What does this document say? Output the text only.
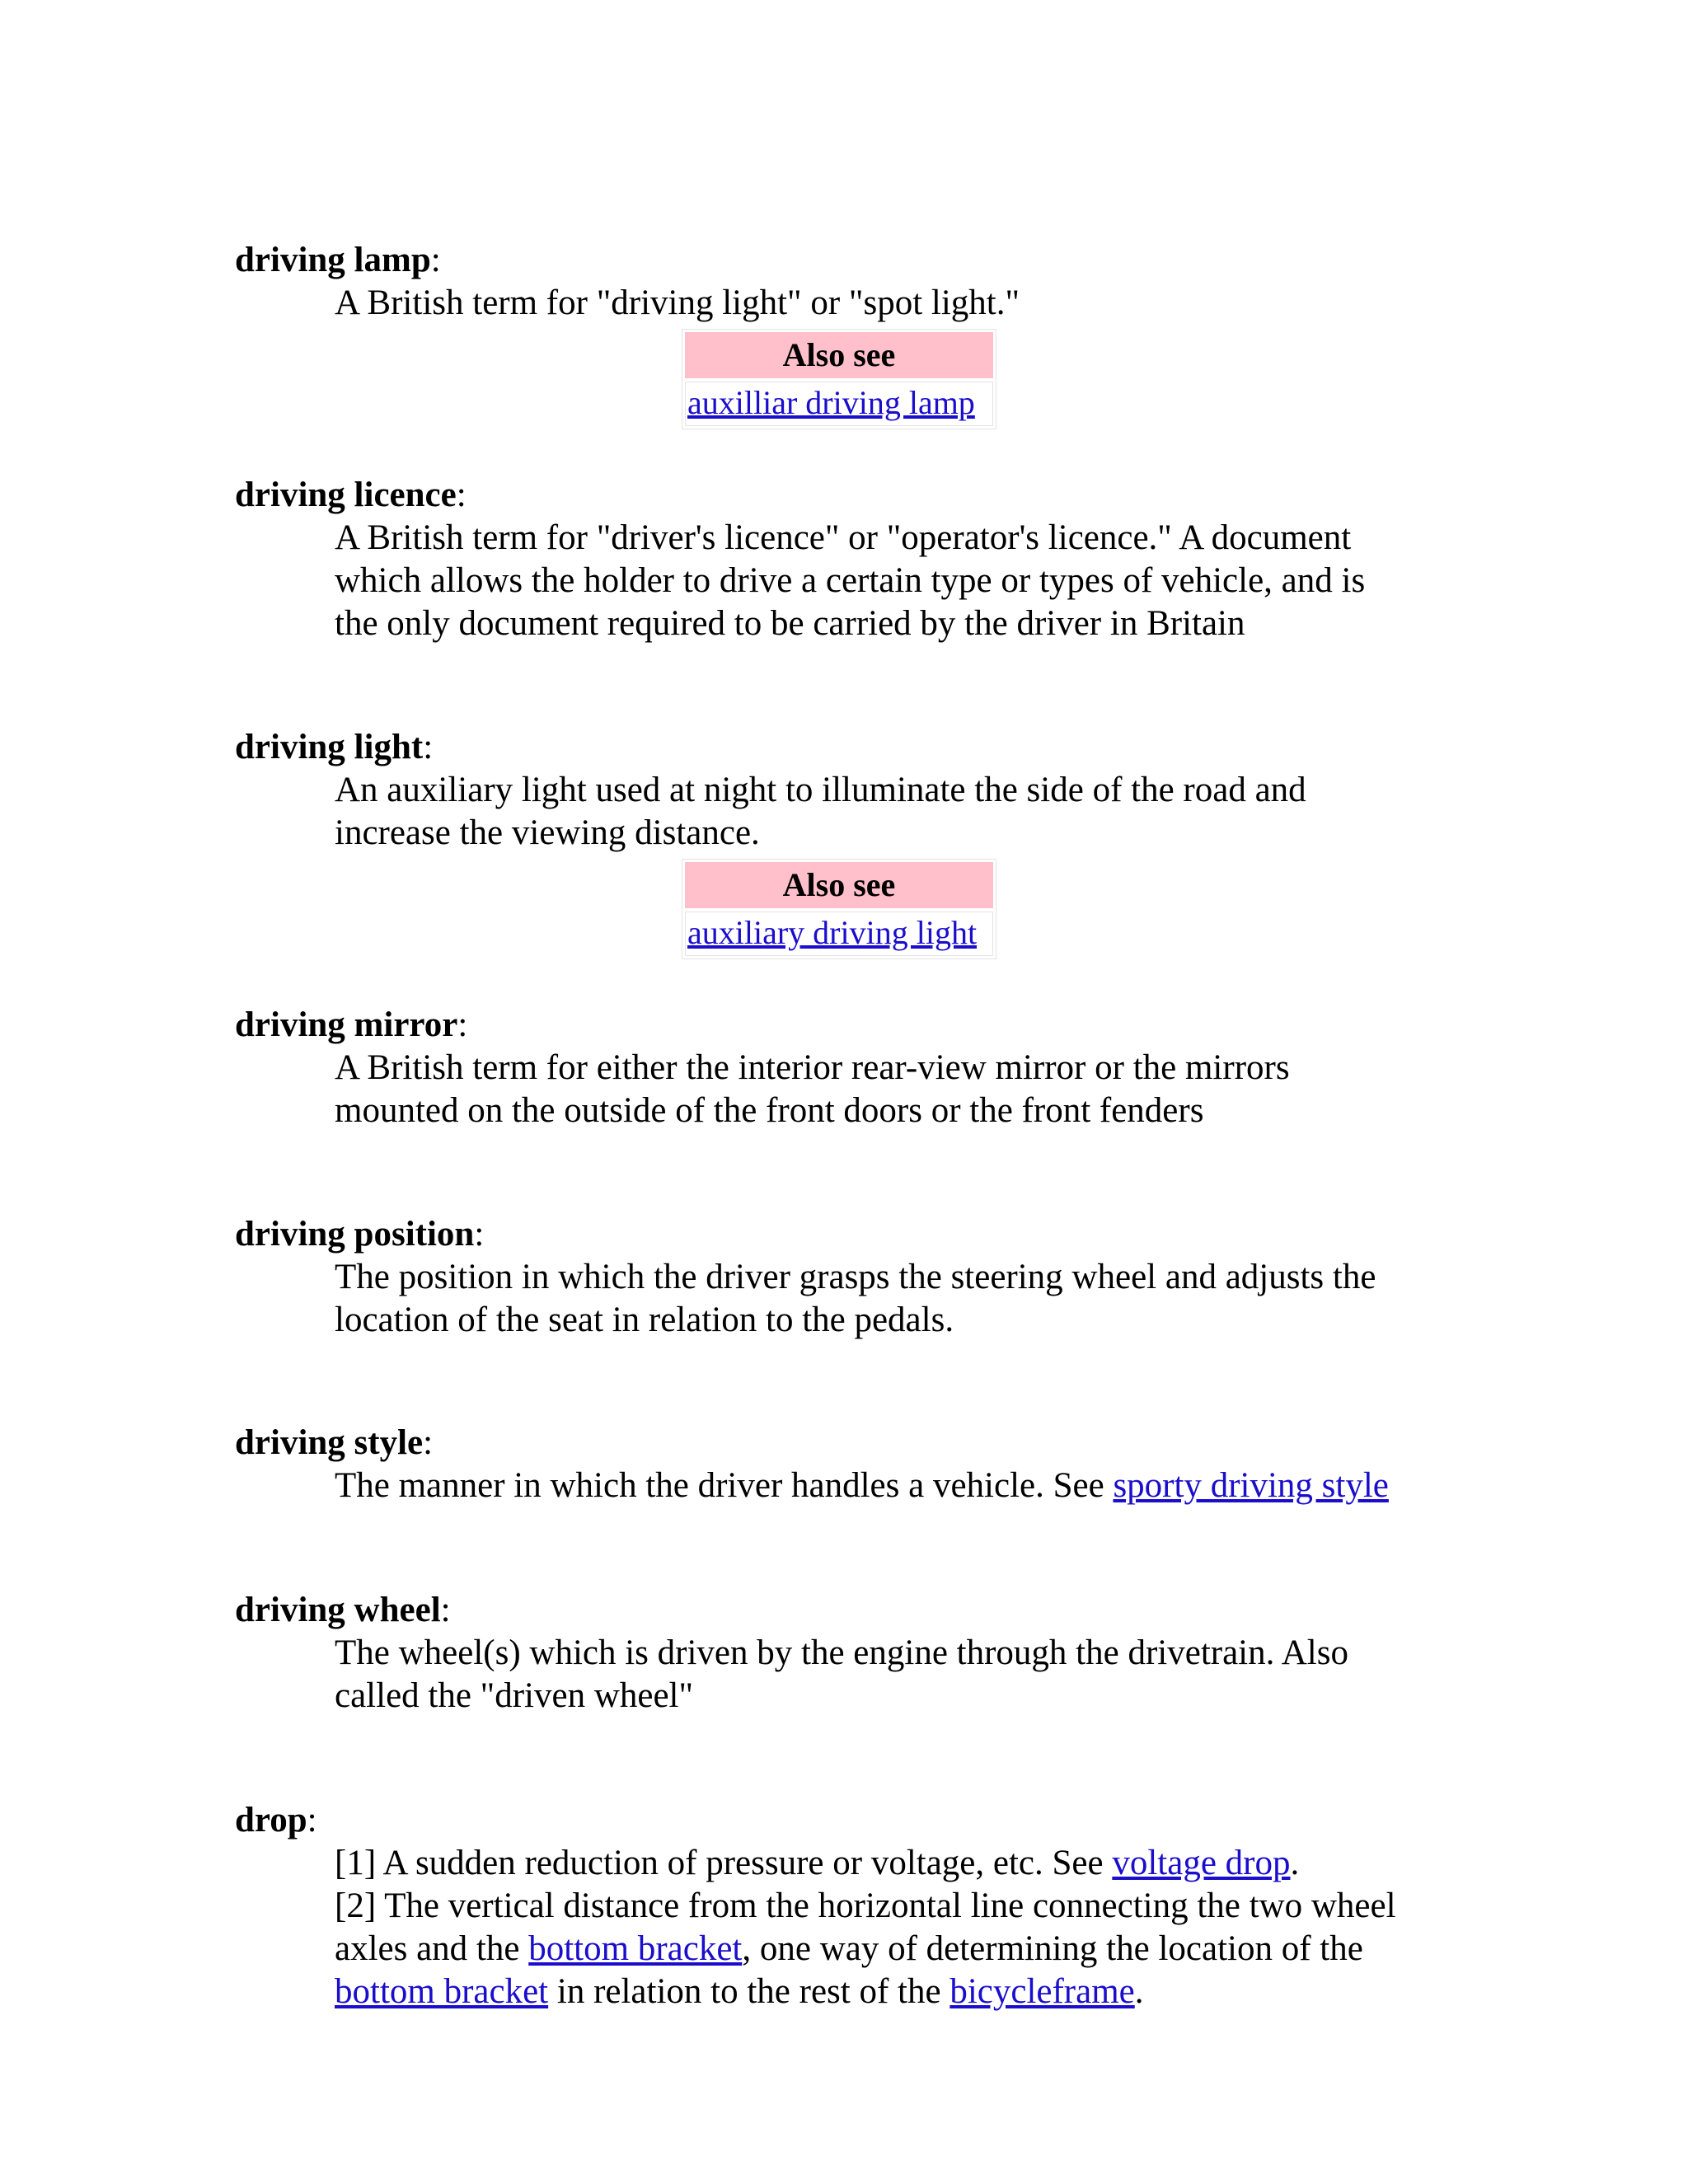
driving lamp:

A British term for "driving light" or "spot light."
Also see
auxilliar driving lamp

driving licence:

A British term for "driver's licence" or "operator's licence." A document
which allows the holder to drive a certain type or types of vehicle, and is
the only document required to be carried by the driver in Britain

driving light:

An auxiliary light used at night to illuminate the side of the road and
increase the viewing distance.
Also see
auxiliary driving light

driving mirror:

A British term for either the interior rear-view mirror or the mirrors
mounted on the outside of the front doors or the front fenders

driving position:

The position in which the driver grasps the steering wheel and adjusts the
location of the seat in relation to the pedals.

driving style:

The manner in which the driver handles a vehicle. See sporty driving style

driving wheel:

The wheel(s) which is driven by the engine through the drivetrain. Also
called the "driven wheel"

drop:

[1] A sudden reduction of pressure or voltage, etc. See voltage drop.
[2] The vertical distance from the horizontal line connecting the two wheel
axles and the bottom bracket, one way of determining the location of the
bottom bracket in relation to the rest of the bicycleframe.
